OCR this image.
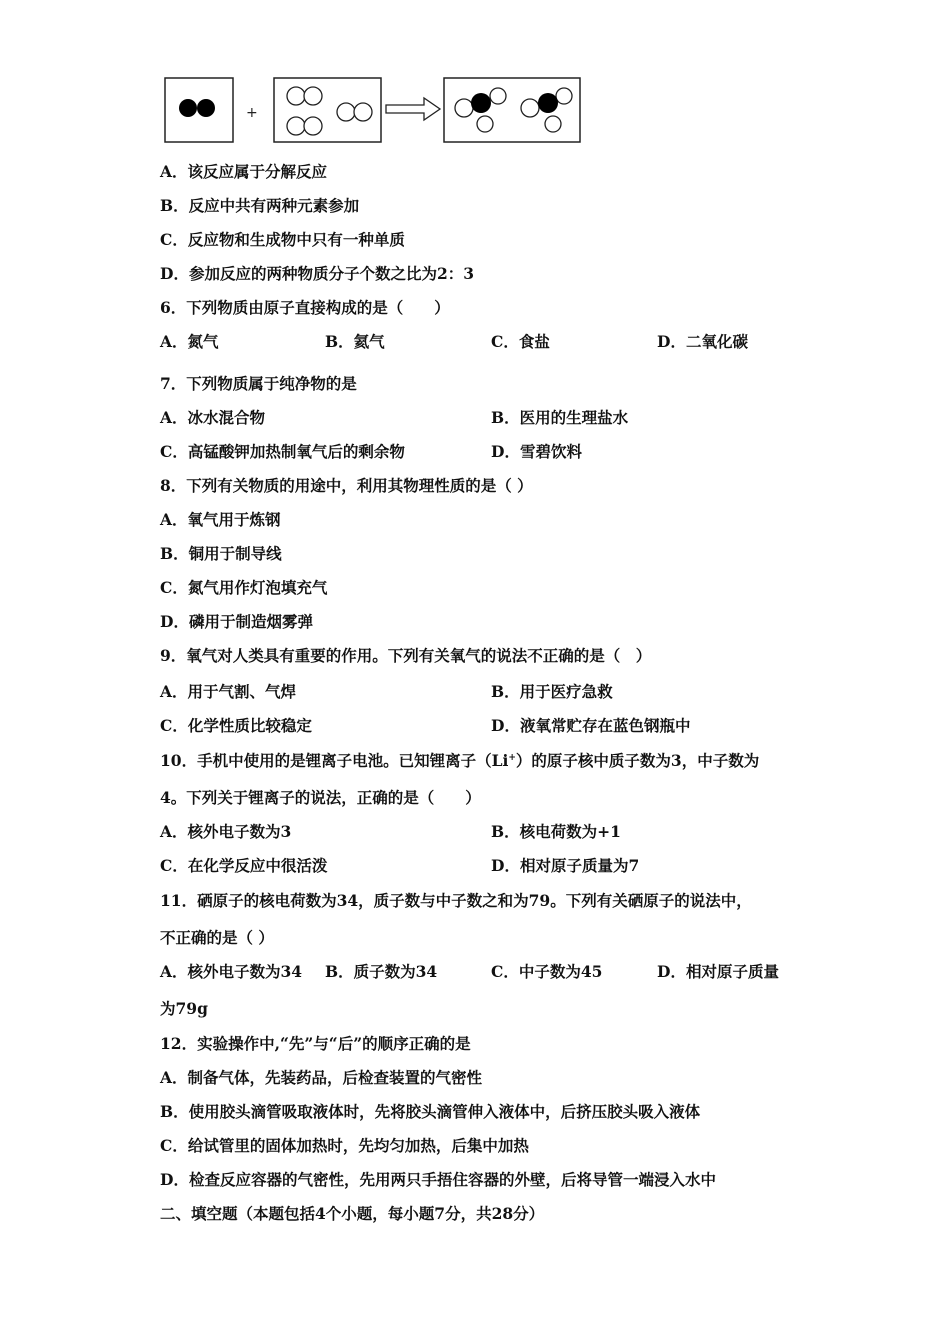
+
A．该反应属于分解反应
B．反应中共有两种元素参加
C．反应物和生成物中只有一种单质
D．参加反应的两种物质分子个数之比为2：3
6．下列物质由原子直接构成的是（　　）
A．氮气	B．氦气	C．食盐	D．二氧化碳
7．下列物质属于纯净物的是
A．冰水混合物	B．医用的生理盐水
C．高锰酸钾加热制氧气后的剩余物	D．雪碧饮料
8．下列有关物质的用途中，利用其物理性质的是（ ）
A．氧气用于炼钢
B．铜用于制导线
C．氮气用作灯泡填充气
D．磷用于制造烟雾弹
9．氧气对人类具有重要的作用。下列有关氧气的说法不正确的是（　）
A．用于气割、气焊	B．用于医疗急救
C．化学性质比较稳定	D．液氧常贮存在蓝色钢瓶中
10．手机中使用的是锂离子电池。已知锂离子（Li+）的原子核中质子数为3，中子数为
4。下列关于锂离子的说法，正确的是（　　）
A．核外电子数为3	B．核电荷数为+1
C．在化学反应中很活泼	D．相对原子质量为7
11．硒原子的核电荷数为34，质子数与中子数之和为79。下列有关硒原子的说法中，
不正确的是（ ）
A．核外电子数为34 B．质子数为34	C．中子数为45	D．相对原子质量
为79g
12．实验操作中,“先”与“后”的顺序正确的是
A．制备气体，先装药品，后检查装置的气密性
B．使用胶头滴管吸取液体时，先将胶头滴管伸入液体中，后挤压胶头吸入液体
C．给试管里的固体加热时，先均匀加热，后集中加热
D．检查反应容器的气密性，先用两只手捂住容器的外壁，后将导管一端浸入水中
二、填空题（本题包括4个小题，每小题7分，共28分）
